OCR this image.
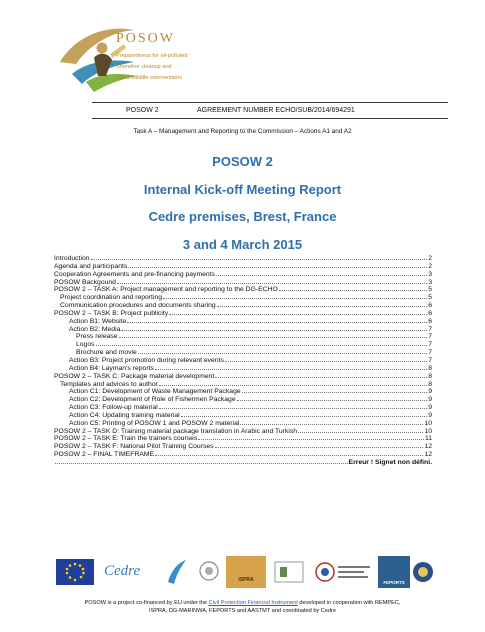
POSOW
Preparedness for oil-polluted
Shoreline cleanup and
Oiled Wildlife interventions
POSOW 2	AGREEMENT NUMBER ECHO/SUB/2014/694291
Task A – Management and Reporting to the Commission – Actions A1 and A2
POSOW 2
Internal Kick-off Meeting Report
Cedre premises, Brest, France
3 and 4 March 2015
Introduction	2
Agenda and participants	2
Cooperation Agreements and pre-financing payments	3
POSOW Backgound	3
POSOW 2 – TASK A: Project management and reporting to the DG-ECHO	5
Project coordination and reporting	5
Communication procedures and documents sharing	6
POSOW 2 – TASK B: Project publicity	6
Action B1: Website	6
Action B2: Media	7
Press release	7
Logos	7
Brochure and movie	7
Action B3: Project promotion during relevant events	7
Action B4: Layman’s reports	8
POSOW 2 – TASK C: Package material development	8
Templates and advices to author	8
Action C1: Development of Waste Management Package	9
Action C2: Development of Role of Fishermen Package	9
Action C3: Follow-up material	9
Action C4: Updating training material	9
Action C5: Printing of POSOW 1 and POSOW 2 material	10
POSOW 2 – TASK D: Training material package translation in Arabic and Turkish	10
POSOW 2 – TASK E: Train the trainers courses	11
POSOW 2 – TASK F: National Pilot Training Courses	12
POSOW 2 – FINAL TIMEFRAME	12
Erreur ! Signet non défini.
Cedre
ISPRA	FEPORTS
POSOW is a project co-financed by EU under the Civil Protection Financial Instrument developed in cooperation with REMPEC,
ISPRA, DG-MARINWA, FEPORTS and AASTMT and coordinated by Cedre
